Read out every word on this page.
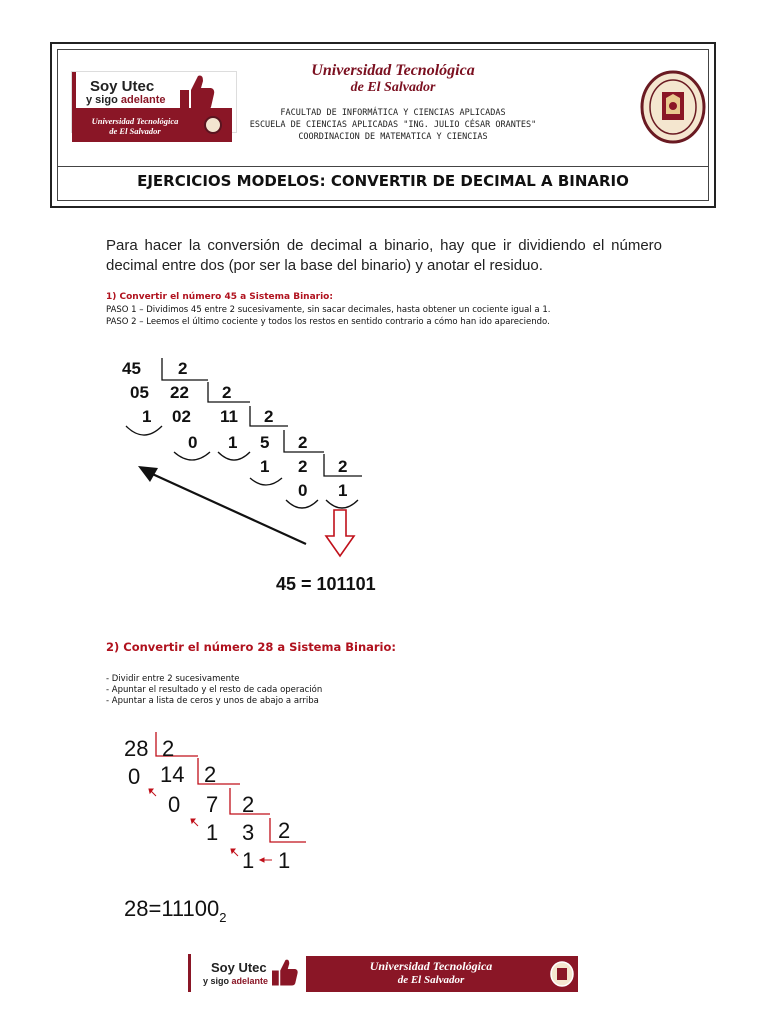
Soy Utec
y sigo adelante
Universidad Tecnológica
de El Salvador
Universidad Tecnológica
de El Salvador
FACULTAD DE INFORMÁTICA Y CIENCIAS APLICADAS
ESCUELA DE CIENCIAS APLICADAS "ING. JULIO CÉSAR ORANTES"
COORDINACION DE MATEMATICA Y CIENCIAS
EJERCICIOS MODELOS: CONVERTIR DE DECIMAL A BINARIO
Para hacer la conversión de decimal a binario, hay que ir dividiendo el número decimal entre dos (por ser la base del binario) y anotar el residuo.
1) Convertir el número 45 a Sistema Binario:
PASO 1 – Dividimos 45 entre 2 sucesivamente, sin sacar decimales, hasta obtener un cociente igual a 1.
PASO 2 – Leemos el último cociente y todos los restos en sentido contrario a cómo han ido apareciendo.
45 2
05 22 2
1 02 11 2
0 1 5 2
1 2 2
0 1
45 = 101101
2) Convertir el número 28 a Sistema Binario:
- Dividir entre 2 sucesivamente
- Apuntar el resultado y el resto de cada operación
- Apuntar a lista de ceros y unos de abajo a arriba
28 2
0 14 2
0 7 2
1 3 2
1 1
$28=11100_2$
Soy Utec
y sigo adelante
Universidad Tecnológica
de El Salvador
